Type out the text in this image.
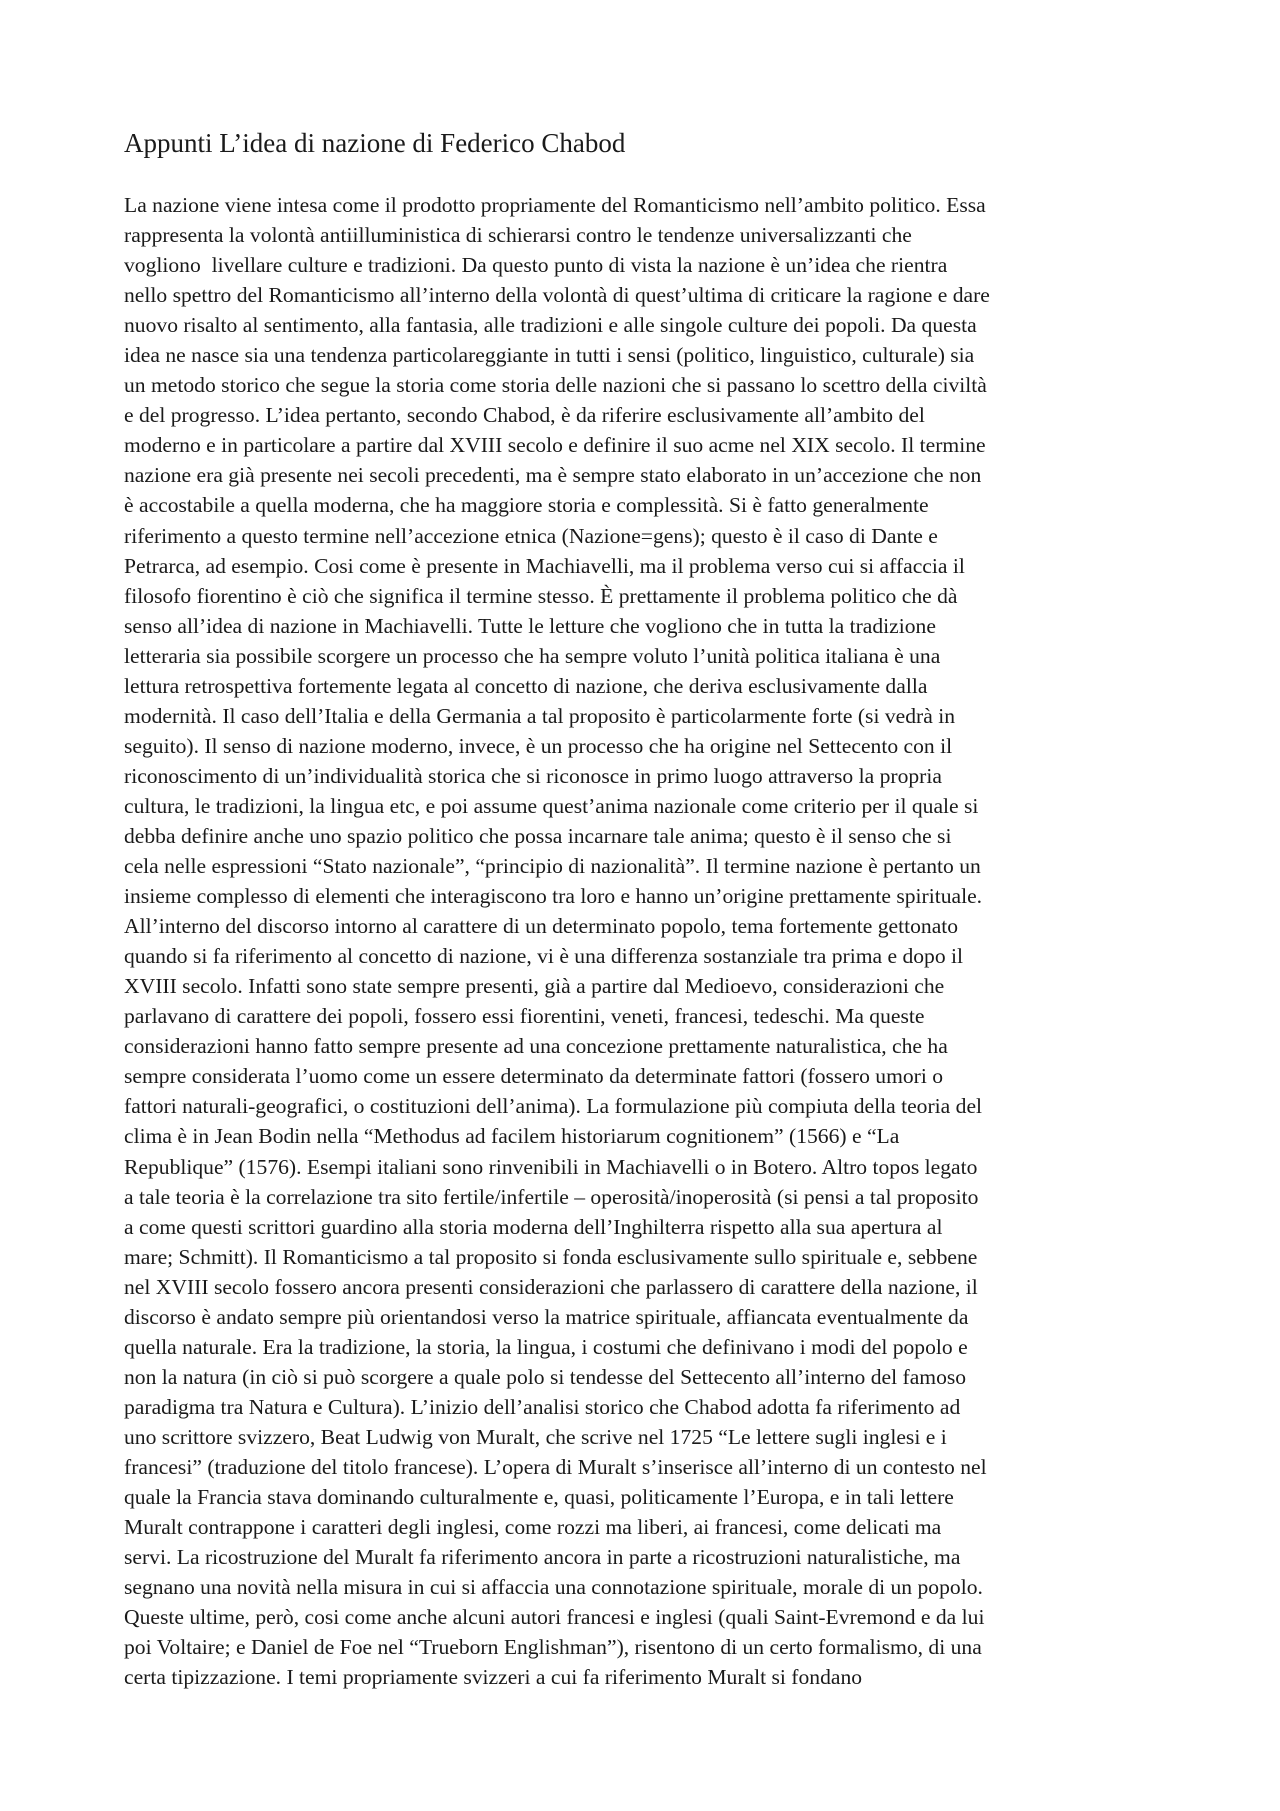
Appunti L’idea di nazione di Federico Chabod
La nazione viene intesa come il prodotto propriamente del Romanticismo nell’ambito politico. Essa
rappresenta la volontà antiilluministica di schierarsi contro le tendenze universalizzanti che
vogliono  livellare culture e tradizioni. Da questo punto di vista la nazione è un’idea che rientra
nello spettro del Romanticismo all’interno della volontà di quest’ultima di criticare la ragione e dare
nuovo risalto al sentimento, alla fantasia, alle tradizioni e alle singole culture dei popoli. Da questa
idea ne nasce sia una tendenza particolareggiante in tutti i sensi (politico, linguistico, culturale) sia
un metodo storico che segue la storia come storia delle nazioni che si passano lo scettro della civiltà
e del progresso. L’idea pertanto, secondo Chabod, è da riferire esclusivamente all’ambito del
moderno e in particolare a partire dal XVIII secolo e definire il suo acme nel XIX secolo. Il termine
nazione era già presente nei secoli precedenti, ma è sempre stato elaborato in un’accezione che non
è accostabile a quella moderna, che ha maggiore storia e complessità. Si è fatto generalmente
riferimento a questo termine nell’accezione etnica (Nazione=gens); questo è il caso di Dante e
Petrarca, ad esempio. Cosi come è presente in Machiavelli, ma il problema verso cui si affaccia il
filosofo fiorentino è ciò che significa il termine stesso. È prettamente il problema politico che dà
senso all’idea di nazione in Machiavelli. Tutte le letture che vogliono che in tutta la tradizione
letteraria sia possibile scorgere un processo che ha sempre voluto l’unità politica italiana è una
lettura retrospettiva fortemente legata al concetto di nazione, che deriva esclusivamente dalla
modernità. Il caso dell’Italia e della Germania a tal proposito è particolarmente forte (si vedrà in
seguito). Il senso di nazione moderno, invece, è un processo che ha origine nel Settecento con il
riconoscimento di un’individualità storica che si riconosce in primo luogo attraverso la propria
cultura, le tradizioni, la lingua etc, e poi assume quest’anima nazionale come criterio per il quale si
debba definire anche uno spazio politico che possa incarnare tale anima; questo è il senso che si
cela nelle espressioni “Stato nazionale”, “principio di nazionalità”. Il termine nazione è pertanto un
insieme complesso di elementi che interagiscono tra loro e hanno un’origine prettamente spirituale.
All’interno del discorso intorno al carattere di un determinato popolo, tema fortemente gettonato
quando si fa riferimento al concetto di nazione, vi è una differenza sostanziale tra prima e dopo il
XVIII secolo. Infatti sono state sempre presenti, già a partire dal Medioevo, considerazioni che
parlavano di carattere dei popoli, fossero essi fiorentini, veneti, francesi, tedeschi. Ma queste
considerazioni hanno fatto sempre presente ad una concezione prettamente naturalistica, che ha
sempre considerata l’uomo come un essere determinato da determinate fattori (fossero umori o
fattori naturali-geografici, o costituzioni dell’anima). La formulazione più compiuta della teoria del
clima è in Jean Bodin nella “Methodus ad facilem historiarum cognitionem” (1566) e “La
Republique” (1576). Esempi italiani sono rinvenibili in Machiavelli o in Botero. Altro topos legato
a tale teoria è la correlazione tra sito fertile/infertile – operosità/inoperosità (si pensi a tal proposito
a come questi scrittori guardino alla storia moderna dell’Inghilterra rispetto alla sua apertura al
mare; Schmitt). Il Romanticismo a tal proposito si fonda esclusivamente sullo spirituale e, sebbene
nel XVIII secolo fossero ancora presenti considerazioni che parlassero di carattere della nazione, il
discorso è andato sempre più orientandosi verso la matrice spirituale, affiancata eventualmente da
quella naturale. Era la tradizione, la storia, la lingua, i costumi che definivano i modi del popolo e
non la natura (in ciò si può scorgere a quale polo si tendesse del Settecento all’interno del famoso
paradigma tra Natura e Cultura). L’inizio dell’analisi storico che Chabod adotta fa riferimento ad
uno scrittore svizzero, Beat Ludwig von Muralt, che scrive nel 1725 “Le lettere sugli inglesi e i
francesi” (traduzione del titolo francese). L’opera di Muralt s’inserisce all’interno di un contesto nel
quale la Francia stava dominando culturalmente e, quasi, politicamente l’Europa, e in tali lettere
Muralt contrappone i caratteri degli inglesi, come rozzi ma liberi, ai francesi, come delicati ma
servi. La ricostruzione del Muralt fa riferimento ancora in parte a ricostruzioni naturalistiche, ma
segnano una novità nella misura in cui si affaccia una connotazione spirituale, morale di un popolo.
Queste ultime, però, cosi come anche alcuni autori francesi e inglesi (quali Saint-Evremond e da lui
poi Voltaire; e Daniel de Foe nel “Trueborn Englishman”), risentono di un certo formalismo, di una
certa tipizzazione. I temi propriamente svizzeri a cui fa riferimento Muralt si fondano
